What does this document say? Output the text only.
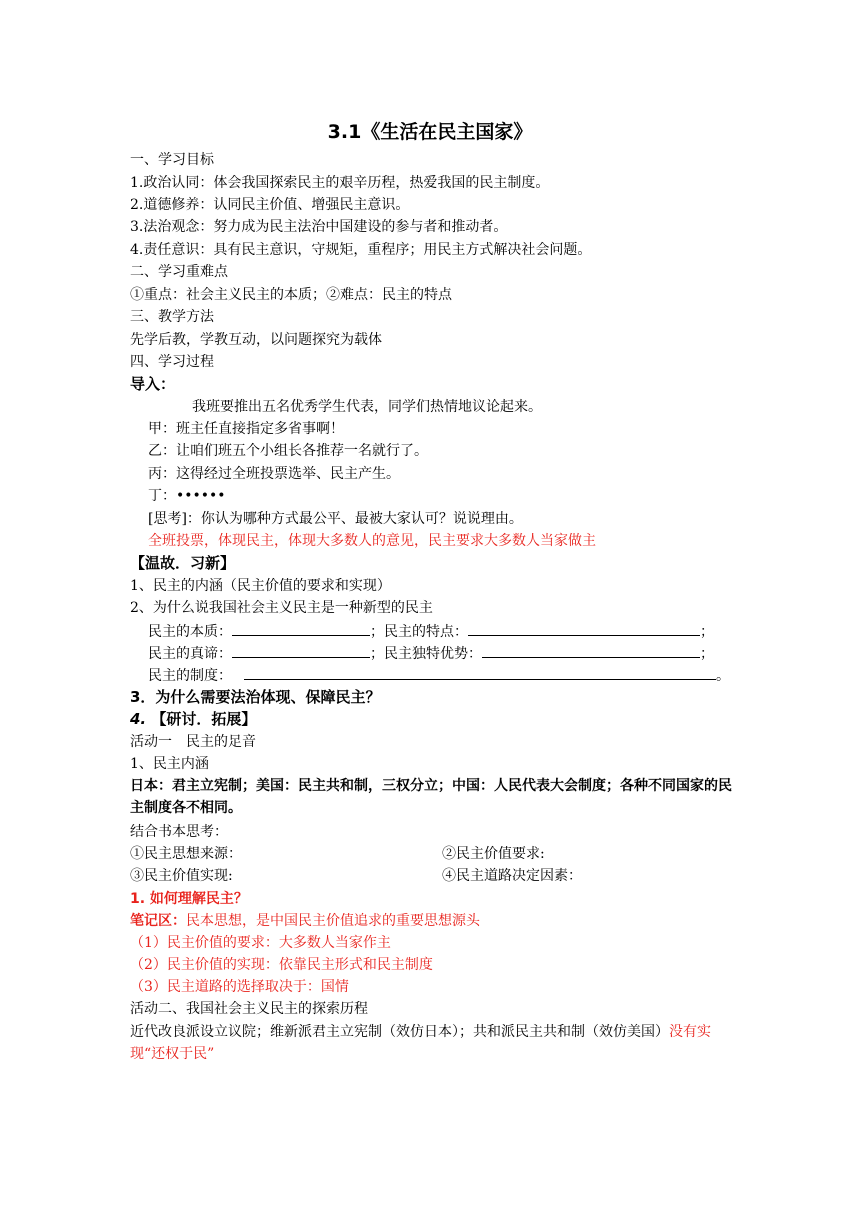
3.1《生活在民主国家》
一、学习目标
1.政治认同：体会我国探索民主的艰辛历程，热爱我国的民主制度。
2.道德修养：认同民主价值、增强民主意识。
3.法治观念：努力成为民主法治中国建设的参与者和推动者。
4.责任意识：具有民主意识，守规矩，重程序；用民主方式解决社会问题。
二、学习重难点
①重点：社会主义民主的本质；②难点：民主的特点
三、教学方法
先学后教，学教互动，以问题探究为载体
四、学习过程
导入：
我班要推出五名优秀学生代表，同学们热情地议论起来。
甲：班主任直接指定多省事啊！
乙：让咱们班五个小组长各推荐一名就行了。
丙：这得经过全班投票选举、民主产生。
丁：••••••
[思考]：你认为哪种方式最公平、最被大家认可？说说理由。
全班投票，体现民主，体现大多数人的意见，民主要求大多数人当家做主
【温故．习新】
1、民主的内涵（民主价值的要求和实现）
2、为什么说我国社会主义民主是一种新型的民主
民主的本质：	；民主的特点：	；
民主的真谛：	；民主独特优势：	；
民主的制度：	。
3．为什么需要法治体现、保障民主？
4. 【研讨．拓展】
活动一　民主的足音
1、民主内涵
日本：君主立宪制；美国：民主共和制，三权分立；中国：人民代表大会制度；各种不同国家的民主制度各不相同。
结合书本思考：
①民主思想来源：	②民主价值要求:
③民主价值实现:	④民主道路决定因素：
1. 如何理解民主？
笔记区：民本思想，是中国民主价值追求的重要思想源头
（1）民主价值的要求：大多数人当家作主
（2）民主价值的实现：依靠民主形式和民主制度
（3）民主道路的选择取决于：国情
活动二、我国社会主义民主的探索历程
近代改良派设立议院；维新派君主立宪制（效仿日本）；共和派民主共和制（效仿美国）没有实现“还权于民”
